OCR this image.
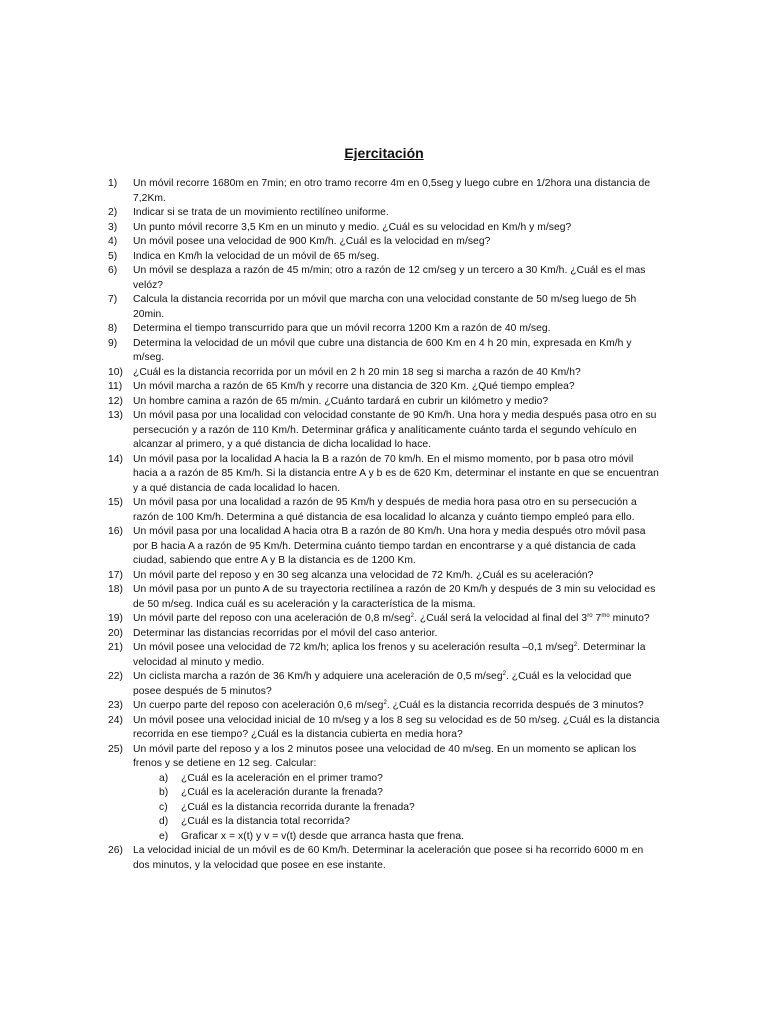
Ejercitación
1)	Un móvil recorre 1680m en 7min; en otro tramo recorre 4m en 0,5seg y luego cubre en 1/2hora una distancia de 7,2Km.
2)	Indicar si se trata de un movimiento rectilíneo uniforme.
3)	Un punto móvil recorre 3,5 Km en un minuto y medio. ¿Cuál es su velocidad en Km/h y m/seg?
4)	Un móvil posee una velocidad de 900 Km/h. ¿Cuál es la velocidad en m/seg?
5)	Indica en Km/h la velocidad de un móvil de 65 m/seg.
6)	Un móvil se desplaza a razón de 45 m/min; otro a razón de 12 cm/seg y un tercero a 30 Km/h. ¿Cuál es el mas velóz?
7)	Calcula la distancia recorrida por un móvil que marcha con una velocidad constante de 50 m/seg luego de 5h 20min.
8)	Determina el tiempo transcurrido para que un móvil recorra 1200 Km a razón de 40 m/seg.
9)	Determina la velocidad de un móvil que cubre una distancia de 600 Km en 4 h 20 min, expresada en Km/h y m/seg.
10) ¿Cuál es la distancia recorrida por un móvil en 2 h 20 min 18 seg si marcha a razón de 40 Km/h?
11)	Un móvil marcha a razón de 65 Km/h y recorre una distancia de 320 Km. ¿Qué tiempo emplea?
12) Un hombre camina a razón de 65 m/min. ¿Cuánto tardará en cubrir un kilómetro y medio?
13) Un móvil pasa por una localidad con velocidad constante de 90 Km/h. Una hora y media después pasa otro en su persecución y a razón de 110 Km/h. Determinar gráfica y analíticamente cuánto tarda el segundo vehículo en alcanzar al primero, y a qué distancia de dicha localidad lo hace.
14) Un móvil pasa por la localidad A hacia la B a razón de 70 km/h. En el mismo momento, por b pasa otro móvil hacia a a razón de 85 Km/h. Si la distancia entre A y b es de 620 Km, determinar el instante en que se encuentran y a qué distancia de cada localidad lo hacen.
15) Un móvil pasa por una localidad a razón de 95 Km/h y después de media hora pasa otro en su persecución a razón de 100 Km/h. Determina a qué distancia de esa localidad lo alcanza y cuánto tiempo empleó para ello.
16) Un móvil pasa por una localidad A hacia otra B a razón de 80 Km/h. Una hora y media después otro móvil pasa por B hacia A a razón de 95 Km/h. Determina cuánto tiempo tardan en encontrarse y a qué distancia de cada ciudad, sabiendo que entre A y B la distancia es de 1200 Km.
17) Un móvil parte del reposo y en 30 seg alcanza una velocidad de 72 Km/h. ¿Cuál es su aceleración?
18) Un móvil pasa por un punto A de su trayectoria rectilínea a razón de 20 Km/h y después de 3 min su velocidad es de 50 m/seg. Indica cuál es su aceleración y la característica de la misma.
19) Un móvil parte del reposo con una aceleración de 0,8 m/seg$^2$. ¿Cuál será la velocidad al final del $3^{ro}$ $7^{mo}$ minuto?
20) Determinar las distancias recorridas por el móvil del caso anterior.
21) Un móvil posee una velocidad de 72 km/h; aplica los frenos y su aceleración resulta –0,1 m/seg$^2$. Determinar la velocidad al minuto y medio.
22) Un ciclista marcha a razón de 36 Km/h y adquiere una aceleración de 0,5 m/seg$^2$. ¿Cuál es la velocidad que posee después de 5 minutos?
23) Un cuerpo parte del reposo con aceleración 0,6 m/seg$^2$. ¿Cuál es la distancia recorrida después de 3 minutos?
24) Un móvil posee una velocidad inicial de 10 m/seg y a los 8 seg su velocidad es de 50 m/seg. ¿Cuál es la distancia recorrida en ese tiempo? ¿Cuál es la distancia cubierta en media hora?
25) Un móvil parte del reposo y a los 2 minutos posee una velocidad de 40 m/seg. En un momento se aplican los frenos y se detiene en 12 seg. Calcular:
a)	¿Cuál es la aceleración en el primer tramo?
b)	¿Cuál es la aceleración durante la frenada?
c)	¿Cuál es la distancia recorrida durante la frenada?
d)	¿Cuál es la distancia total recorrida?
e)	Graficar x = x(t) y v = v(t) desde que arranca hasta que frena.
26) La velocidad inicial de un móvil es de 60 Km/h. Determinar la aceleración que posee si ha recorrido 6000 m en dos minutos, y la velocidad que posee en ese instante.
